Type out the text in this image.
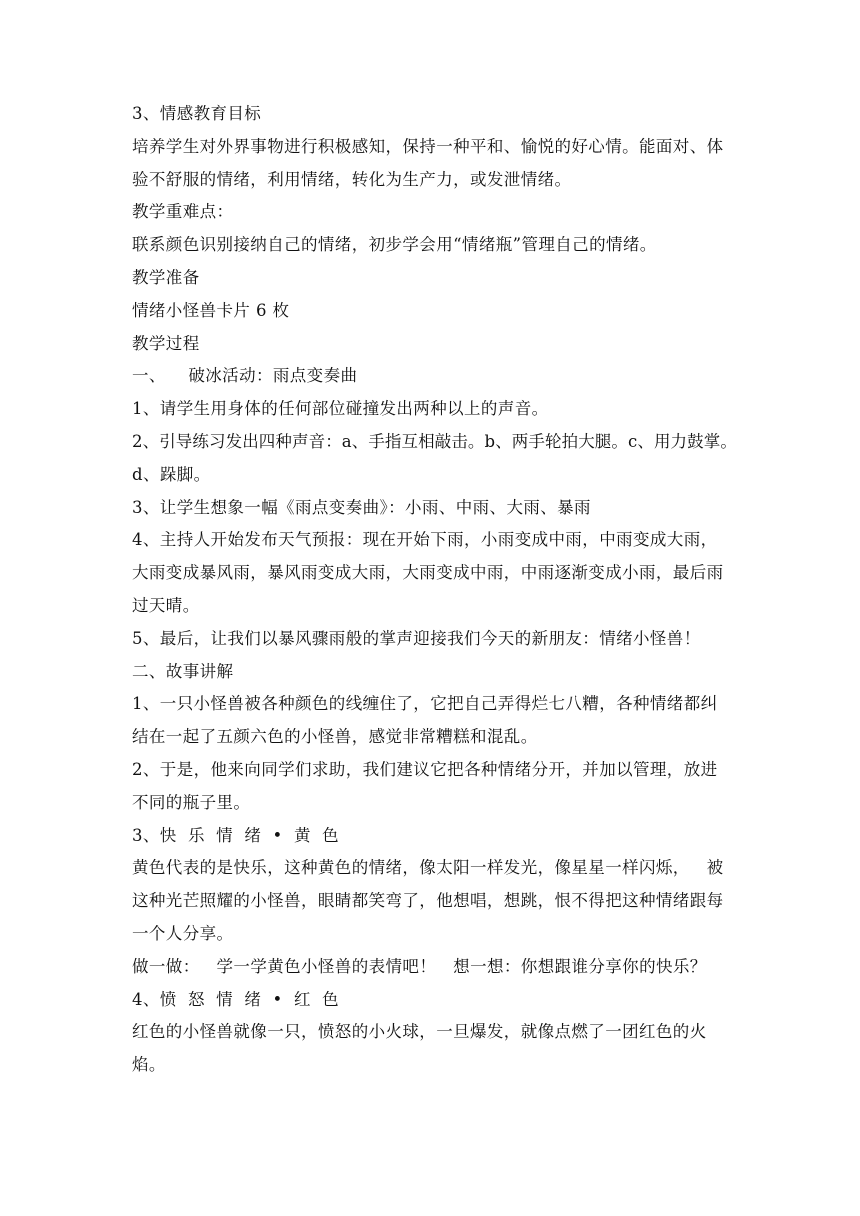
3、情感教育目标
培养学生对外界事物进行积极感知，保持一种平和、愉悦的好心情。能面对、体
验不舒服的情绪，利用情绪，转化为生产力，或发泄情绪。
教学重难点：
联系颜色识别接纳自己的情绪，初步学会用“情绪瓶”管理自己的情绪。
教学准备
情绪小怪兽卡片 6 枚
教学过程
一、    破冰活动：雨点变奏曲
1、请学生用身体的任何部位碰撞发出两种以上的声音。
2、引导练习发出四种声音：a、手指互相敲击。b、两手轮拍大腿。c、用力鼓掌。
d、跺脚。
3、让学生想象一幅《雨点变奏曲》：小雨、中雨、大雨、暴雨
4、主持人开始发布天气预报：现在开始下雨，小雨变成中雨，中雨变成大雨，
大雨变成暴风雨，暴风雨变成大雨，大雨变成中雨，中雨逐渐变成小雨，最后雨
过天晴。
5、最后，让我们以暴风骤雨般的掌声迎接我们今天的新朋友：情绪小怪兽！
二、故事讲解
1、一只小怪兽被各种颜色的线缠住了，它把自己弄得烂七八糟，各种情绪都纠
结在一起了五颜六色的小怪兽，感觉非常糟糕和混乱。
2、于是，他来向同学们求助，我们建议它把各种情绪分开，并加以管理，放进
不同的瓶子里。
3、快  乐  情  绪  •  黄  色
黄色代表的是快乐，这种黄色的情绪，像太阳一样发光，像星星一样闪烁，   被
这种光芒照耀的小怪兽，眼睛都笑弯了，他想唱，想跳，恨不得把这种情绪跟每
一个人分享。
做一做：   学一学黄色小怪兽的表情吧！   想一想：你想跟谁分享你的快乐？
4、愤  怒  情  绪  •  红  色
红色的小怪兽就像一只，愤怒的小火球，一旦爆发，就像点燃了一团红色的火
焰。
